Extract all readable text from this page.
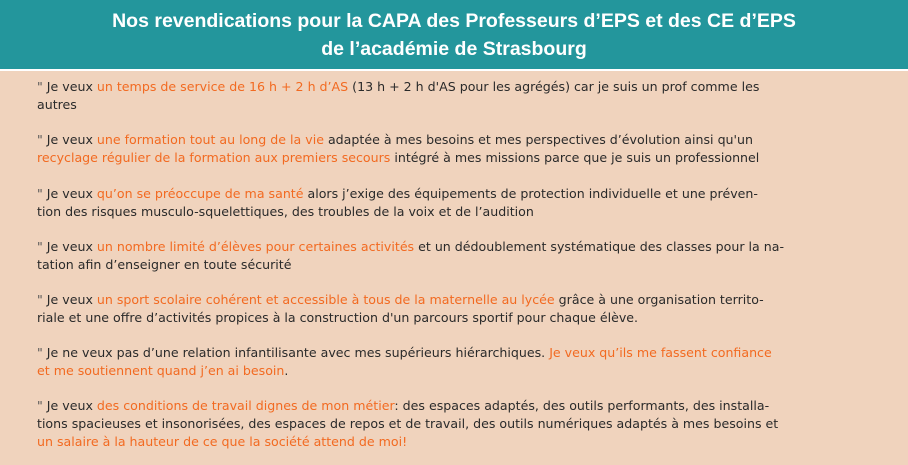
Nos revendications pour la CAPA des Professeurs d’EPS et des CE d’EPS
de l’académie de Strasbourg
" Je veux un temps de service de 16 h + 2 h d’AS (13 h + 2 h d'AS pour les agrégés) car je suis un prof comme les
autres
" Je veux une formation tout au long de la vie adaptée à mes besoins et mes perspectives d’évolution ainsi qu'un
recyclage régulier de la formation aux premiers secours intégré à mes missions parce que je suis un professionnel
" Je veux qu’on se préoccupe de ma santé alors j’exige des équipements de protection individuelle et une préven-
tion des risques musculo-squelettiques, des troubles de la voix et de l’audition
" Je veux un nombre limité d’élèves pour certaines activités et un dédoublement systématique des classes pour la na-
tation afin d’enseigner en toute sécurité
" Je veux un sport scolaire cohérent et accessible à tous de la maternelle au lycée grâce à une organisation territo-
riale et une offre d’activités propices à la construction d'un parcours sportif pour chaque élève.
" Je ne veux pas d’une relation infantilisante avec mes supérieurs hiérarchiques. Je veux qu’ils me fassent confiance
et me soutiennent quand j’en ai besoin.
" Je veux des conditions de travail dignes de mon métier: des espaces adaptés, des outils performants, des installa-
tions spacieuses et insonorisées, des espaces de repos et de travail, des outils numériques adaptés à mes besoins et
un salaire à la hauteur de ce que la société attend de moi!
